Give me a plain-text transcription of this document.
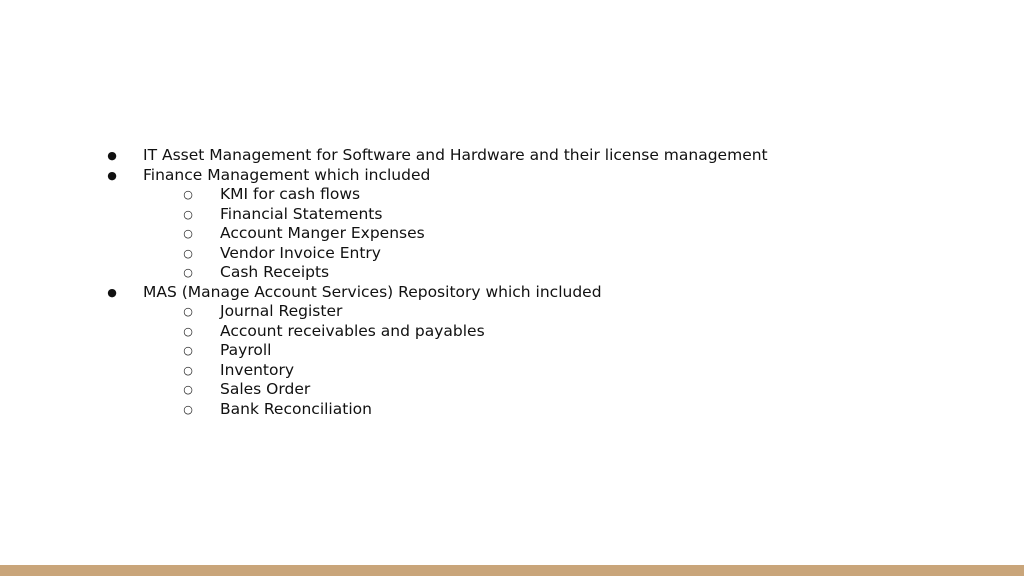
●	IT Asset Management for Software and Hardware and their license management
●	Finance Management which included
○	KMI for cash flows
○	Financial Statements
○	Account Manger Expenses
○	Vendor Invoice Entry
○	Cash Receipts
●	MAS (Manage Account Services) Repository which included
○	Journal Register
○	Account receivables and payables
○	Payroll
○	Inventory
○	Sales Order
○	Bank Reconciliation
